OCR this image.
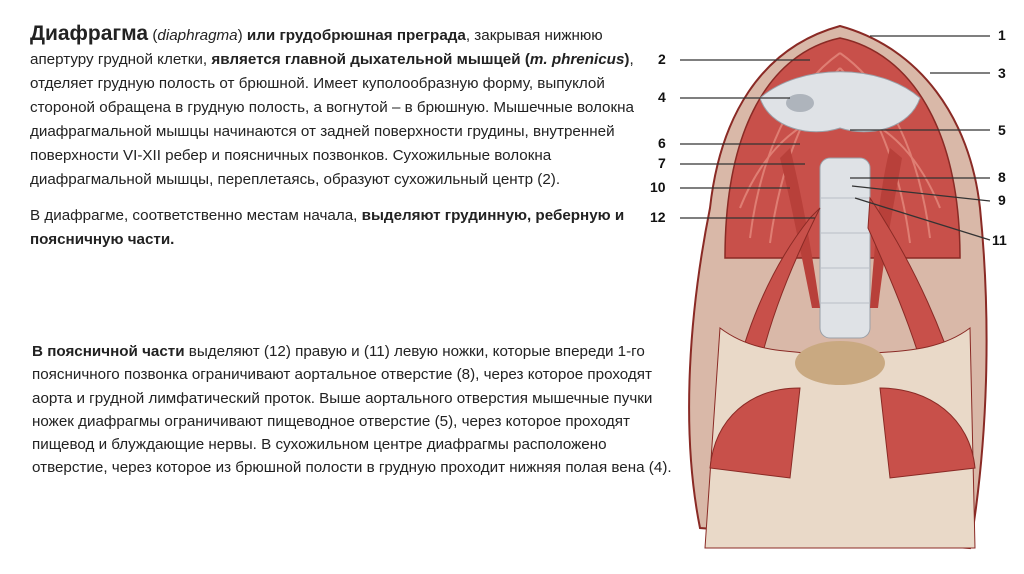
Диафрагма (diaphragma) или грудобрюшная преграда, закрывая нижнюю апертуру грудной клетки, является главной дыхательной мышцей (m. phrenicus), отделяет грудную полость от брюшной. Имеет куполообразную форму, выпуклой стороной обращена в грудную полость, а вогнутой – в брюшную. Мышечные волокна диафрагмальной мышцы начинаются от задней поверхности грудины, внутренней поверхности VI-XII ребер и поясничных позвонков. Сухожильные волокна диафрагмальной мышцы, переплетаясь, образуют сухожильный центр (2).

В диафрагме, соответственно местам начала, выделяют грудинную, реберную и поясничную части.

В поясничной части выделяют (12) правую и (11) левую ножки, которые впереди 1-го поясничного позвонка ограничивают аортальное отверстие (8), через которое проходят аорта и грудной лимфатический проток. Выше аортального отверстия мышечные пучки ножек диафрагмы ограничивают пищеводное отверстие (5), через которое проходят пищевод и блуждающие нервы. В сухожильном центре диафрагмы расположено отверстие, через которое из брюшной полости в грудную проходит нижняя полая вена (4).

1
2
3
4
5
6
7
8
9
10
11
12
